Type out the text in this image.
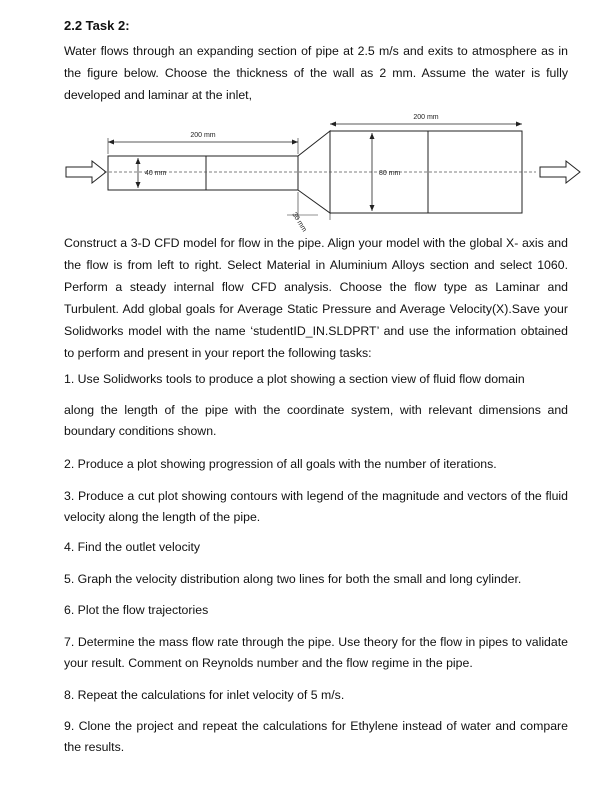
2.2 Task 2:
Water flows through an expanding section of pipe at 2.5 m/s and exits to atmosphere as in the figure below. Choose the thickness of the wall as 2 mm. Assume the water is fully developed and laminar at the inlet,
200 mm
200 mm
40 mm	80 mm
30 mm
Construct a 3-D CFD model for flow in the pipe. Align your model with the global X- axis and the flow is from left to right. Select Material in Aluminium Alloys section and select 1060. Perform a steady internal flow CFD analysis. Choose the flow type as Laminar and Turbulent. Add global goals for Average Static Pressure and Average Velocity(X).Save your Solidworks model with the name ‘studentID_IN.SLDPRT’ and use the information obtained to perform and present in your report the following tasks:
1. Use Solidworks tools to produce a plot showing a section view of fluid flow domain
along the length of the pipe with the coordinate system, with relevant dimensions and boundary conditions shown.
2. Produce a plot showing progression of all goals with the number of iterations.
3. Produce a cut plot showing contours with legend of the magnitude and vectors of the fluid velocity along the length of the pipe.
4. Find the outlet velocity
5. Graph the velocity distribution along two lines for both the small and long cylinder.
6. Plot the flow trajectories
7. Determine the mass flow rate through the pipe. Use theory for the flow in pipes to validate your result. Comment on Reynolds number and the flow regime in the pipe.
8. Repeat the calculations for inlet velocity of 5 m/s.
9. Clone the project and repeat the calculations for Ethylene instead of water and compare the results.
